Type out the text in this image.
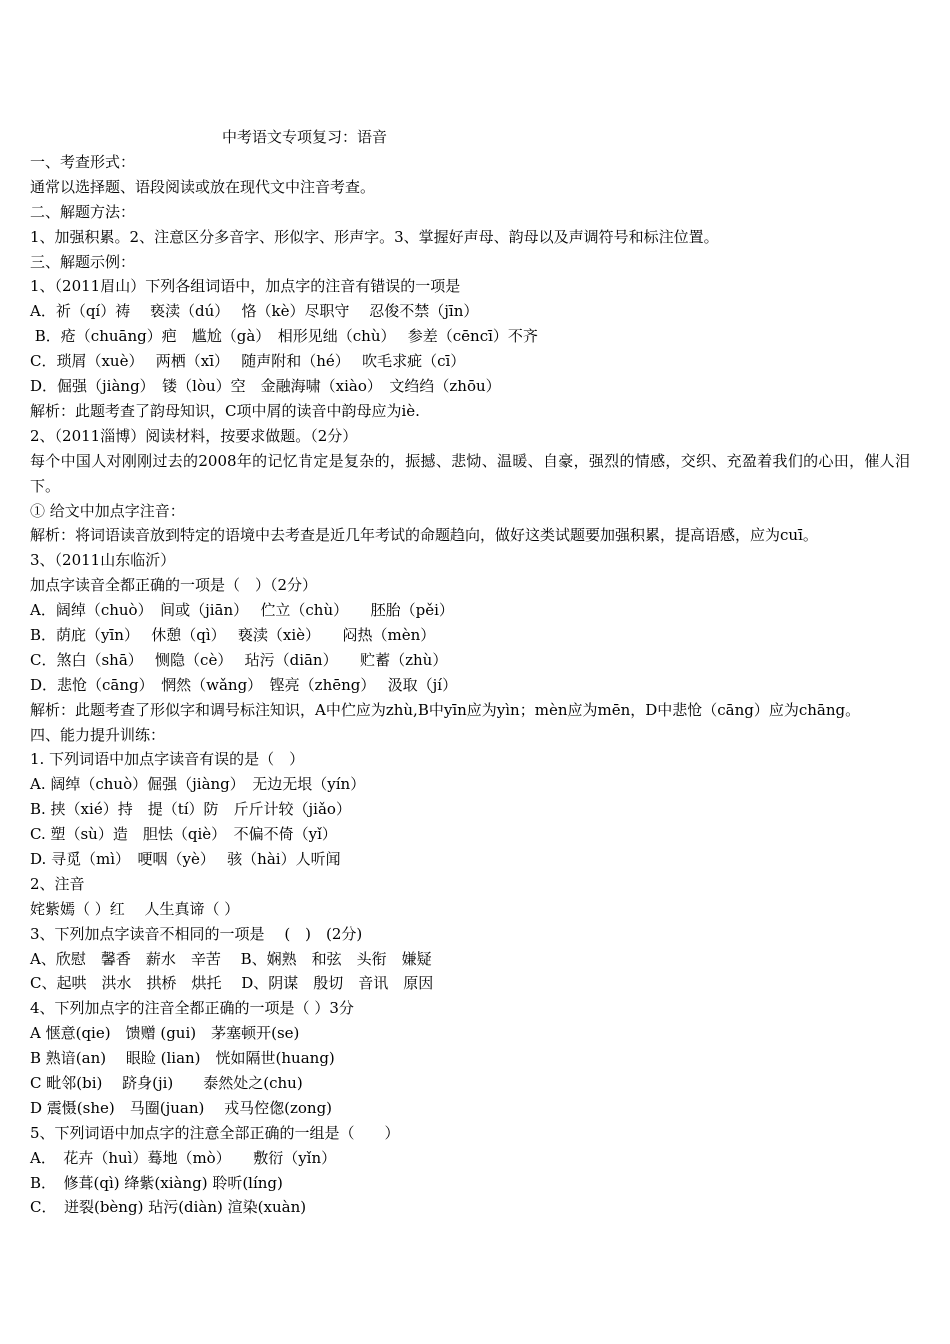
中考语文专项复习：语音
一、考查形式：
通常以选择题、语段阅读或放在现代文中注音考查。
二、解题方法：
1、加强积累。2、注意区分多音字、形似字、形声字。3、掌握好声母、韵母以及声调符号和标注位置。
三、解题示例：
1、（2011眉山）下列各组词语中，加点字的注音有错误的一项是
A．祈（qí）祷　 亵渎（dú）　 恪（kè）尽职守　 忍俊不禁（jīn）
B．疮（chuāng）疤　尴尬（gà）　相形见绌（chù）　 参差（cēncī）不齐
C．琐屑（xuè）　 两栖（xī）　 随声附和（hé）　 吹毛求疵（cī）
D．倔强（jiàng）　镂（lòu）空　金融海啸（xiào）　文绉绉（zhōu）
解析：此题考查了韵母知识，C项中屑的读音中韵母应为iè.
2、（2011淄博）阅读材料，按要求做题。（2分）
每个中国人对刚刚过去的2008年的记忆肯定是复杂的，振撼、悲恸、温暖、自豪，强烈的情感，交织、充盈着我们的心田，催人泪下。
① 给文中加点字注音：
解析：将词语读音放到特定的语境中去考查是近几年考试的命题趋向，做好这类试题要加强积累，提高语感，应为cuī。
3、（2011山东临沂）
加点字读音全都正确的一项是（　）（2分）
A．阔绰（chuò）　间或（jiān）　 伫立（chù）　　胚胎（pěi）
B．荫庇（yīn）　 休憩（qì）　 亵渎（xiè）　　闷热（mèn）
C．煞白（shā）　 恻隐（cè）　 玷污（diān）　　贮蓄（zhù）
D．悲怆（cāng）　惘然（wǎng）　铿亮（zhēng）　 汲取（jí）
解析：此题考查了形似字和调号标注知识，A中伫应为zhù,B中yīn应为yìn；mèn应为mēn，D中悲怆（cāng）应为chāng。
四、能力提升训练：
1. 下列词语中加点字读音有误的是（　）
A. 阔绰（chuò）倔强（jiàng）　无边无垠（yín）
B. 挟（xié）持　提（tí）防　斤斤计较（jiǎo）
C. 塑（sù）造　胆怯（qiè）　不偏不倚（yǐ）
D. 寻觅（mì）　哽咽（yè）　 骇（hài）人听闻
2、注音
姹紫嫣（ ）红　 人生真谛（ ）
3、下列加点字读音不相同的一项是　 (　)　(2分)
A、欣慰　馨香　薪水　辛苦　 B、娴熟　和弦　头衔　嫌疑
C、起哄　洪水　拱桥　烘托　 D、阴谋　殷切　音讯　原因
4、下列加点字的注音全都正确的一项是（ ）3分
A 惬意(qie)　馈赠 (gui)　茅塞顿开(se)
B 熟谙(an)　 眼睑 (lian)　恍如隔世(huang)
C 毗邻(bi)　 跻身(ji)　　泰然处之(chu)
D 震慑(she)　马圈(juan)　 戎马倥偬(zong)
5、下列词语中加点字的注意全部正确的一组是（　　）
A．　花卉（huì）蓦地（mò）　　敷衍（yǐn）
B．　修葺(qì) 绛紫(xiàng) 聆听(líng)
C．　迸裂(bèng) 玷污(diàn) 渲染(xuàn)
